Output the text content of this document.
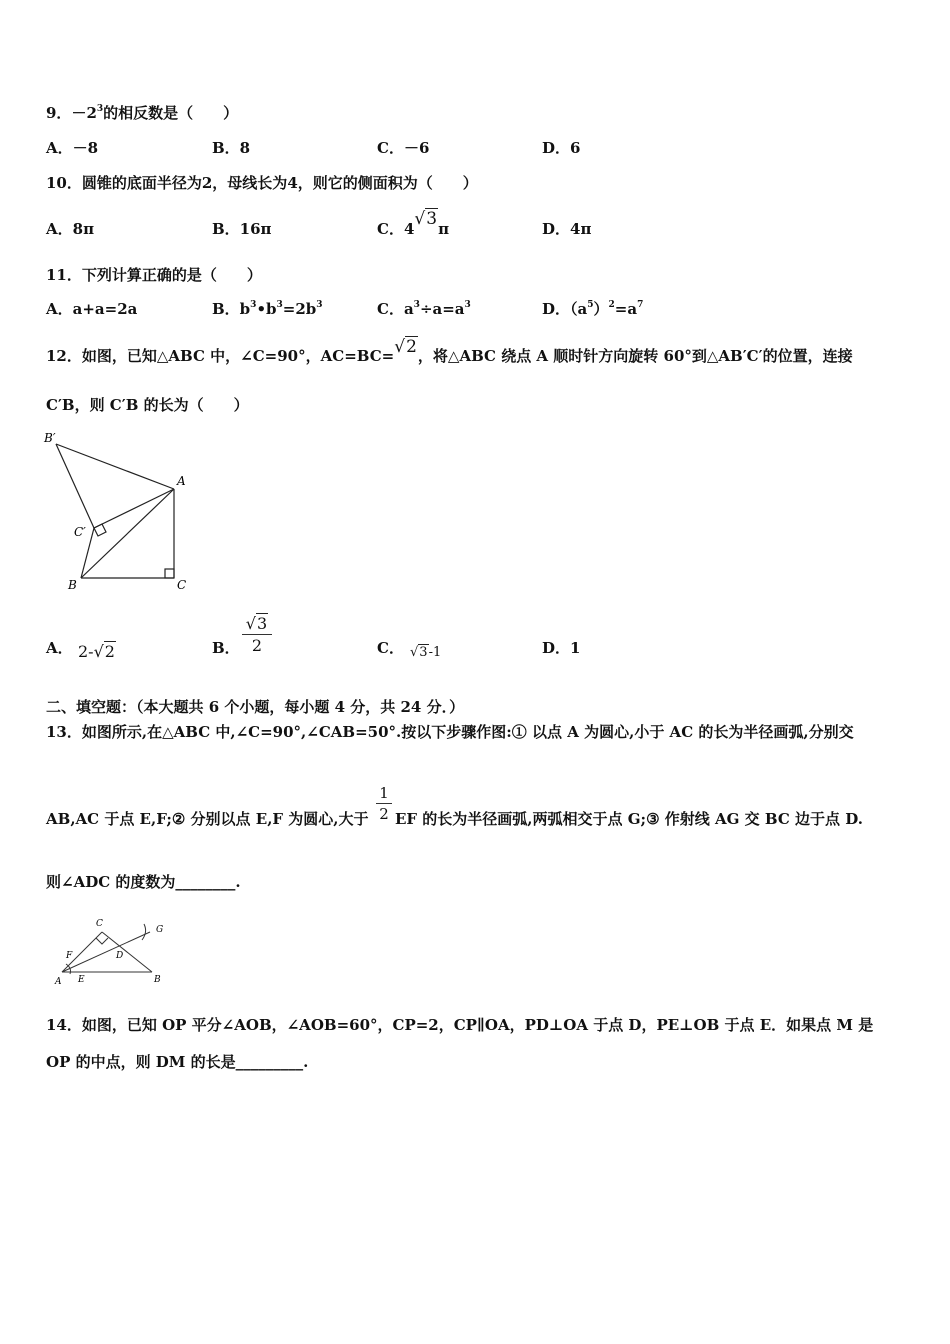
9．$-2^3$的相反数是（　　）
A．－8	B．8	C．－6	D．6
10．圆锥的底面半径为2，母线长为4，则它的侧面积为（　　）
A．8π	B．16π	C．4√3π	D．4π
11．下列计算正确的是（　　）
A．a+a=2a	B．$b^3•b^3=2b^3$	C．$a^3\div a=a^3$	D．$(a^5)^2=a^7$
12．如图，已知△ABC 中，∠C=90°，AC=BC=√2，将△ABC 绕点 A 顺时针方向旋转 60°到△AB′C′的位置，连接
C′B，则 C′B 的长为（　　）
B′
A
C′
B	C
A． 2-√2	B．
√3
2	C． √3-1	D．1
二、填空题：（本大题共 6 个小题，每小题 4 分，共 24 分．）
13．如图所示,在△ABC 中,∠C=90°,∠CAB=50°.按以下步骤作图:① 以点 A 为圆心,小于 AC 的长为半径画弧,分别交
AB,AC 于点 E,F;② 分别以点 E,F 为圆心,大于
1
2 EF 的长为半径画弧,两弧相交于点 G;③ 作射线 AG 交 BC 边于点 D.
则∠ADC 的度数为________.
C
G
F	D
A E	B
14．如图，已知 OP 平分∠AOB，∠AOB=60°，CP=2，CP∥OA，PD⊥OA 于点 D，PE⊥OB 于点 E．如果点 M 是
OP 的中点，则 DM 的长是_________.
